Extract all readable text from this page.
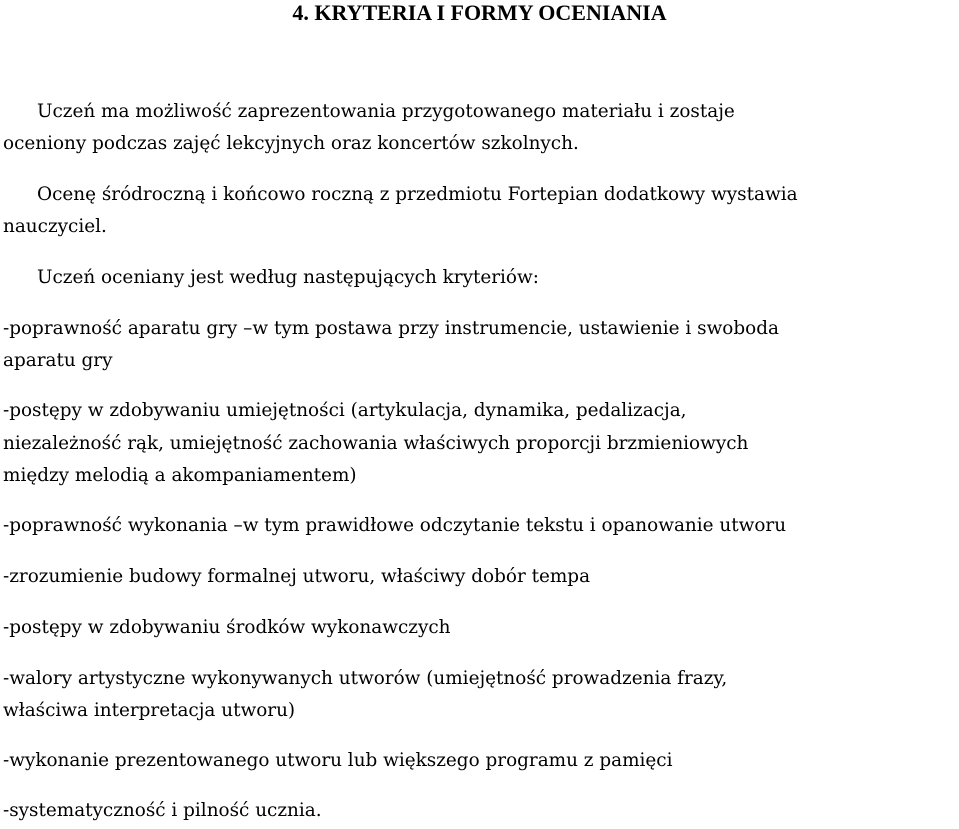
4. KRYTERIA I FORMY OCENIANIA
Uczeń ma możliwość zaprezentowania przygotowanego materiału i zostaje
oceniony podczas zajęć lekcyjnych oraz koncertów szkolnych.
Ocenę śródroczną i końcowo roczną z przedmiotu Fortepian dodatkowy wystawia
nauczyciel.
Uczeń oceniany jest według następujących kryteriów:
-poprawność aparatu gry –w tym postawa przy instrumencie, ustawienie i swoboda
aparatu gry
-postępy w zdobywaniu umiejętności (artykulacja, dynamika, pedalizacja,
niezależność rąk, umiejętność zachowania właściwych proporcji brzmieniowych
między melodią a akompaniamentem)
-poprawność wykonania –w tym prawidłowe odczytanie tekstu i opanowanie utworu
-zrozumienie budowy formalnej utworu, właściwy dobór tempa
-postępy w zdobywaniu środków wykonawczych
-walory artystyczne wykonywanych utworów (umiejętność prowadzenia frazy,
właściwa interpretacja utworu)
-wykonanie prezentowanego utworu lub większego programu z pamięci
-systematyczność i pilność ucznia.
